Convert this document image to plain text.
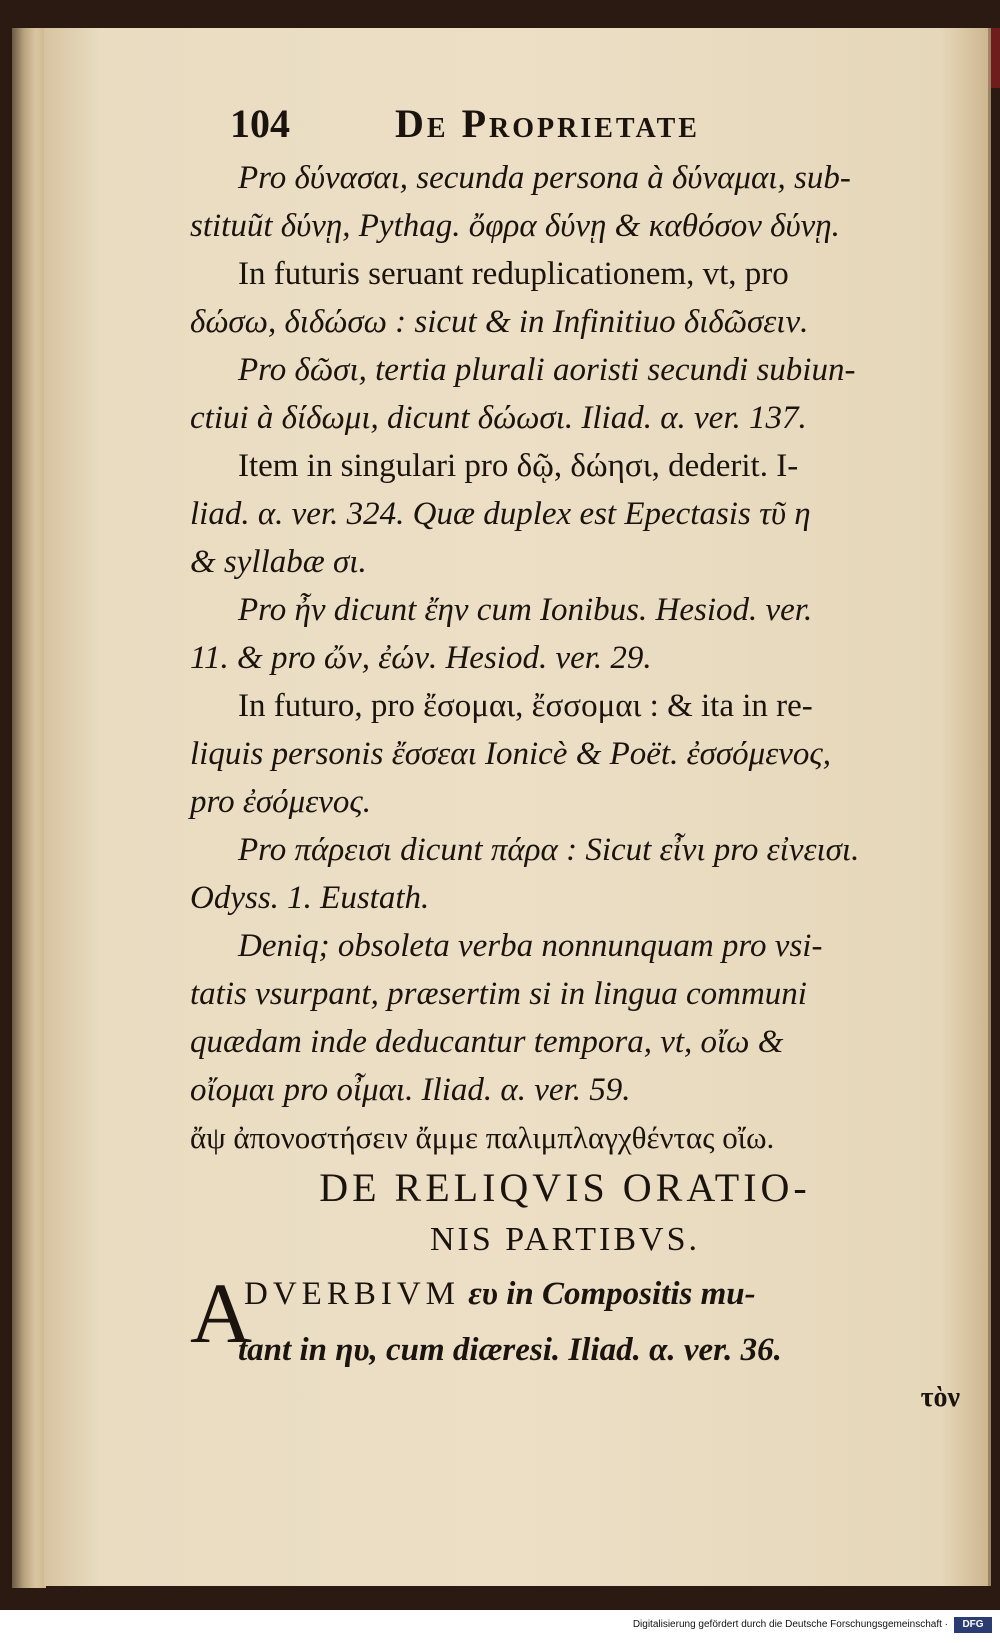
104	De Proprietate
Pro δύνασαι, secunda persona à δύναμαι, sub-
stituũt δύνῃ, Pythag. ὄφρα δύνῃ & καθόσον δύνῃ.
In futuris seruant reduplicationem, vt, pro
δώσω, διδώσω : sicut & in Infinitiuo διδῶσειν.
Pro δῶσι, tertia plurali aoristi secundi subiun-
ctiui à δίδωμι, dicunt δώωσι. Iliad. α. ver. 137.
Item in singulari pro δῷ, δώησι, dederit. I-
liad. α. ver. 324. Quæ duplex est Epectasis τῦ η
& syllabæ σι.
Pro ἦν dicunt ἔην cum Ionibus. Hesiod. ver.
11. & pro ὤν, ἐών. Hesiod. ver. 29.
In futuro, pro ἔσομαι, ἔσσομαι : & ita in re-
liquis personis ἔσσεαι Ionicè & Poët. ἐσσόμενος,
pro ἐσόμενος.
Pro πάρεισι dicunt πάρα : Sicut εἶνι pro εἰνεισι.
Odyss. 1. Eustath.
Deniq; obsoleta verba nonnunquam pro vsi-
tatis vsurpant, præsertim si in lingua communi
quædam inde deducantur tempora, vt, οἴω &
οἴομαι pro οἶμαι. Iliad. α. ver. 59.
ἄψ ἀπονοστήσειν ἄμμε παλιμπλαγχθέντας οἴω.
DE RELIQVIS ORATIO-
NIS PARTIBVS.
A
DVERBIVM ευ in Compositis mu-
tant in ηυ, cum diæresi. Iliad. α. ver. 36.
τὸν
Digitalisierung gefördert durch die Deutsche Forschungsgemeinschaft ·	DFG
